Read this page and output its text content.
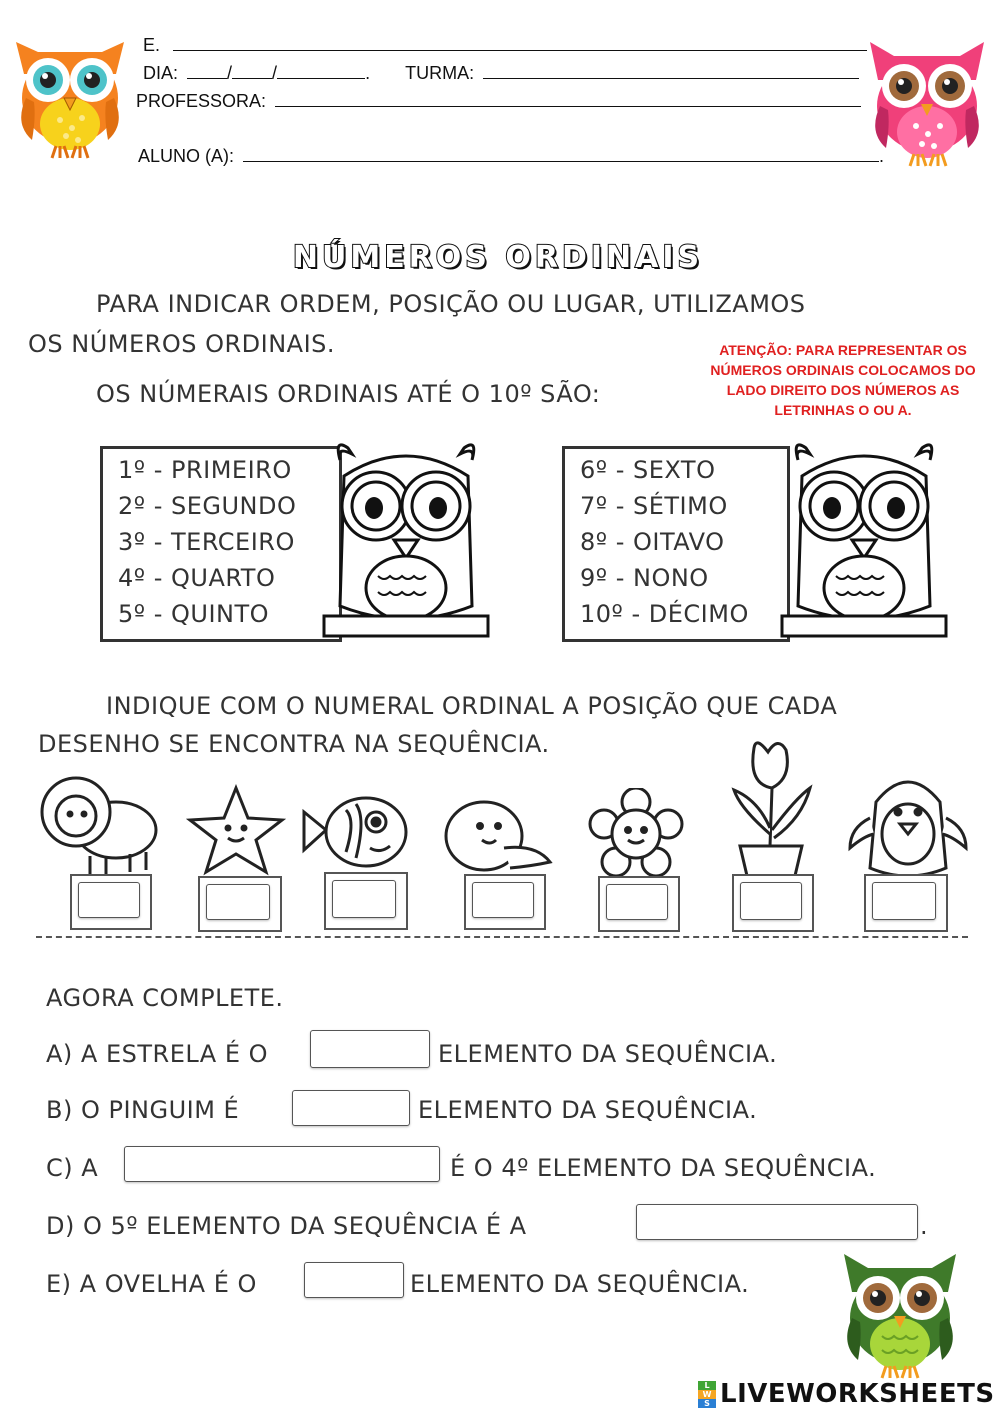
E.
DIA:	/ /	. TURMA:
PROFESSORA:
ALUNO (A):	.
NÚMEROS ORDINAIS
PARA INDICAR ORDEM, POSIÇÃO OU LUGAR, UTILIZAMOS
OS NÚMEROS ORDINAIS.
OS NÚMERAIS ORDINAIS ATÉ O 10º SÃO:
ATENÇÃO: PARA REPRESENTAR OS
NÚMEROS ORDINAIS COLOCAMOS DO
LADO DIREITO DOS NÚMEROS AS
LETRINHAS O OU A.
1º - PRIMEIRO
2º - SEGUNDO
3º - TERCEIRO
4º - QUARTO
5º - QUINTO
6º - SEXTO
7º - SÉTIMO
8º - OITAVO
9º - NONO
10º - DÉCIMO
INDIQUE COM O NUMERAL ORDINAL A POSIÇÃO QUE CADA
DESENHO SE ENCONTRA NA SEQUÊNCIA.
AGORA COMPLETE.
A) A ESTRELA É O	ELEMENTO DA SEQUÊNCIA.
B) O PINGUIM É	ELEMENTO DA SEQUÊNCIA.
C) A	É O 4º ELEMENTO DA SEQUÊNCIA.
D) O 5º ELEMENTO DA SEQUÊNCIA É A	.
E) A OVELHA É O	ELEMENTO DA SEQUÊNCIA.
L
W
S LIVEWORKSHEETS
